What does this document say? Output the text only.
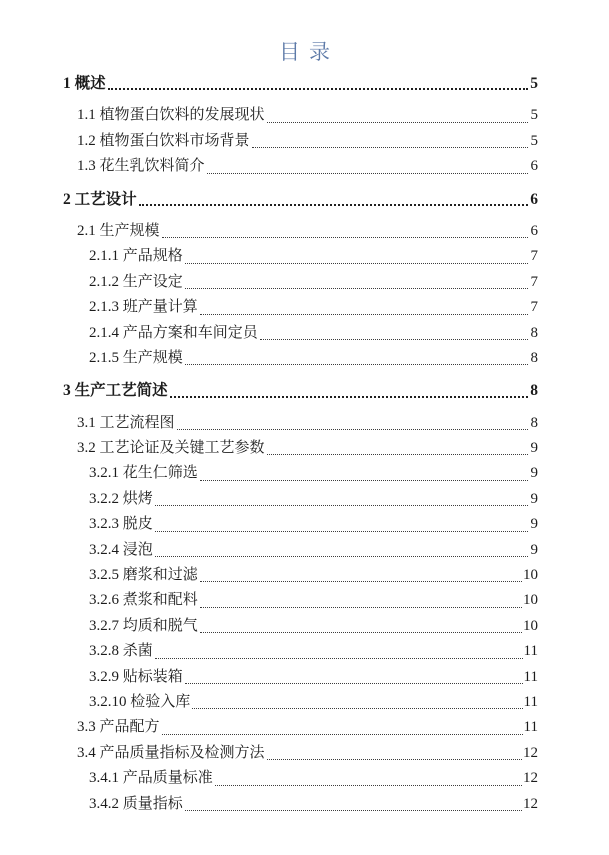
目录
1 概述	5
1.1 植物蛋白饮料的发展现状	5
1.2 植物蛋白饮料市场背景	5
1.3 花生乳饮料简介	6
2 工艺设计	6
2.1 生产规模	6
2.1.1 产品规格	7
2.1.2 生产设定	7
2.1.3 班产量计算	7
2.1.4 产品方案和车间定员	8
2.1.5 生产规模	8
3 生产工艺简述	8
3.1 工艺流程图	8
3.2 工艺论证及关键工艺参数	9
3.2.1 花生仁筛选	9
3.2.2 烘烤	9
3.2.3 脱皮	9
3.2.4 浸泡	9
3.2.5 磨浆和过滤	10
3.2.6 煮浆和配料	10
3.2.7 均质和脱气	10
3.2.8 杀菌	11
3.2.9 贴标装箱	11
3.2.10 检验入库	11
3.3 产品配方	11
3.4 产品质量指标及检测方法	12
3.4.1 产品质量标准	12
3.4.2 质量指标	12
